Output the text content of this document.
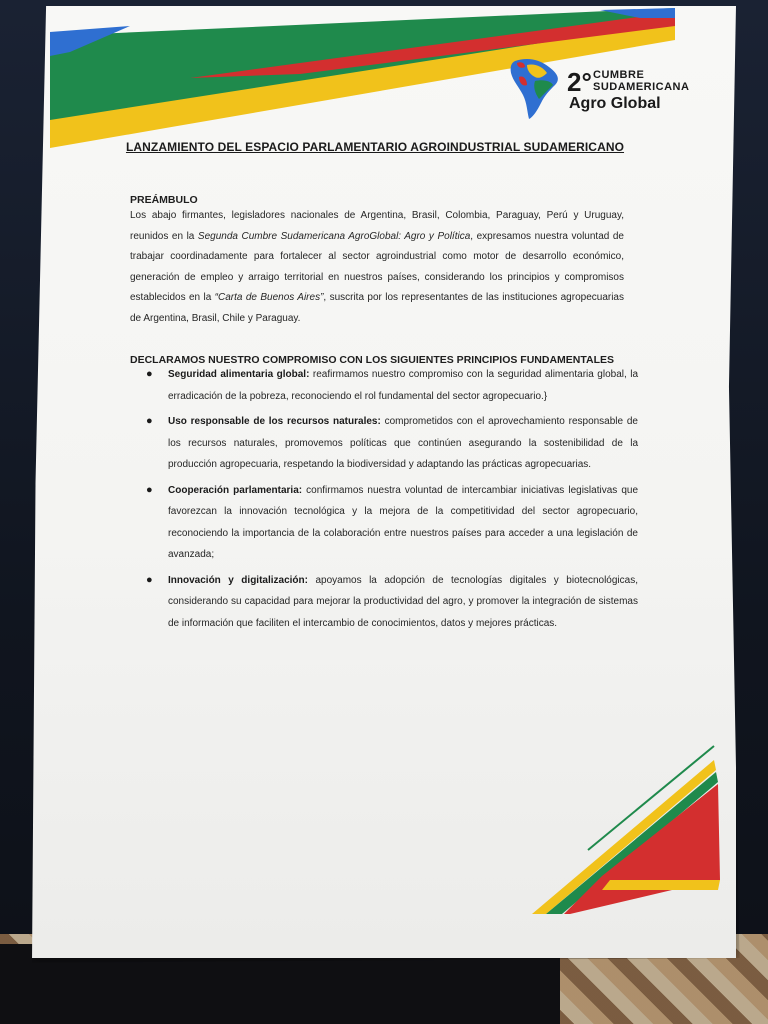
2° CUMBRE
SUDAMERICANA
Agro Global
LANZAMIENTO DEL ESPACIO PARLAMENTARIO AGROINDUSTRIAL SUDAMERICANO
PREÁMBULO
Los abajo firmantes, legisladores nacionales de Argentina, Brasil, Colombia, Paraguay, Perú y Uruguay, reunidos en la Segunda Cumbre Sudamericana AgroGlobal: Agro y Política, expresamos nuestra voluntad de trabajar coordinadamente para fortalecer al sector agroindustrial como motor de desarrollo económico, generación de empleo y arraigo territorial en nuestros países, considerando los principios y compromisos establecidos en la “Carta de Buenos Aires”, suscrita por los representantes de las instituciones agropecuarias de Argentina, Brasil, Chile y Paraguay.
DECLARAMOS NUESTRO COMPROMISO CON LOS SIGUIENTES PRINCIPIOS FUNDAMENTALES
● Seguridad alimentaria global: reafirmamos nuestro compromiso con la seguridad alimentaria global, la erradicación de la pobreza, reconociendo el rol fundamental del sector agropecuario.}
● Uso responsable de los recursos naturales: comprometidos con el aprovechamiento responsable de los recursos naturales, promovemos políticas que continúen asegurando la sostenibilidad de la producción agropecuaria, respetando la biodiversidad y adaptando las prácticas agropecuarias.
● Cooperación parlamentaria: confirmamos nuestra voluntad de intercambiar iniciativas legislativas que favorezcan la innovación tecnológica y la mejora de la competitividad del sector agropecuario, reconociendo la importancia de la colaboración entre nuestros países para acceder a una legislación de avanzada;
● Innovación y digitalización: apoyamos la adopción de tecnologías digitales y biotecnológicas, considerando su capacidad para mejorar la productividad del agro, y promover la integración de sistemas de información que faciliten el intercambio de conocimientos, datos y mejores prácticas.
